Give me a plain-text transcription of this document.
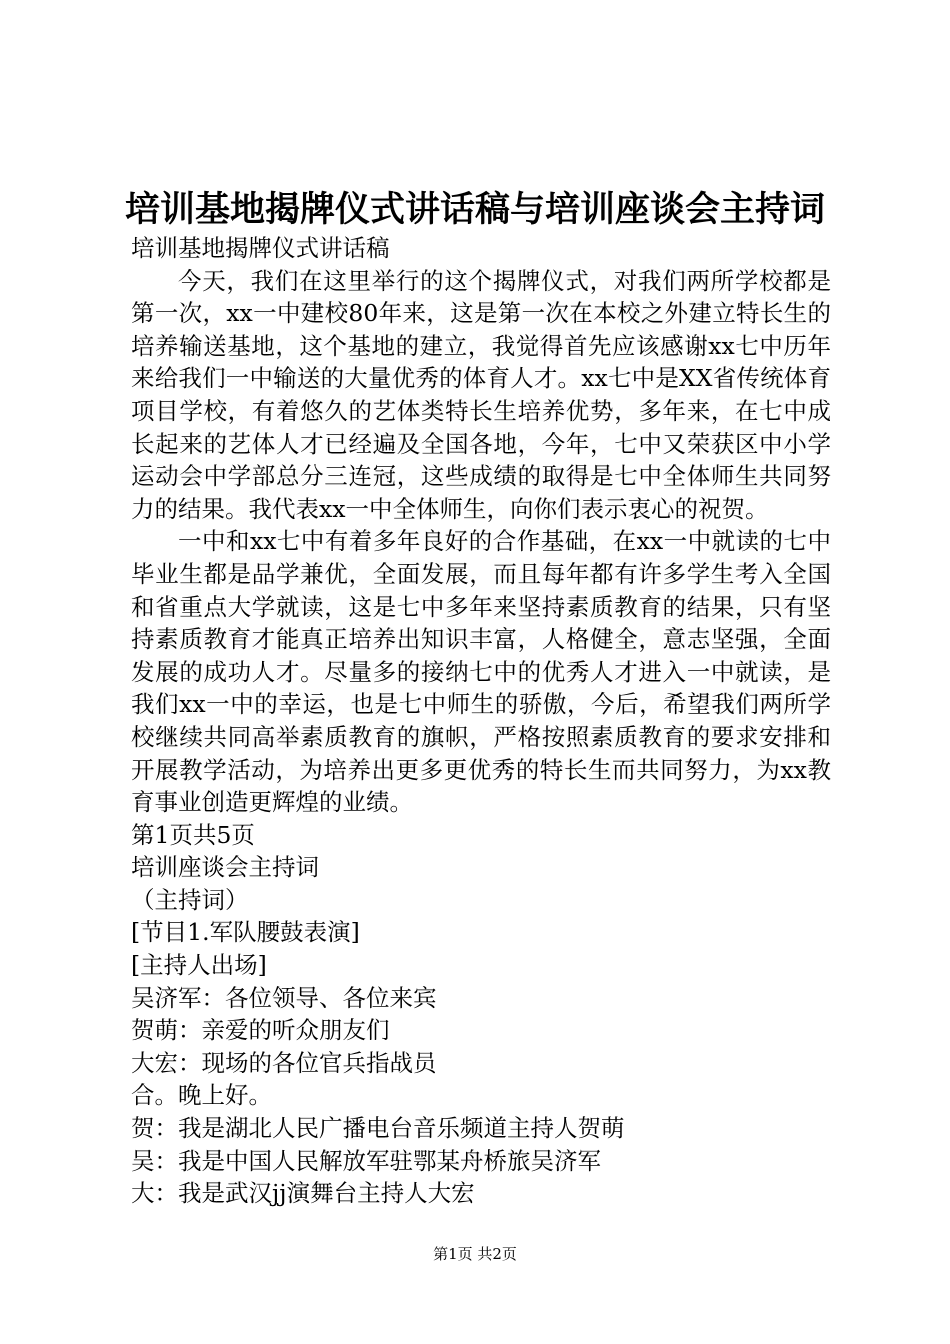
培训基地揭牌仪式讲话稿与培训座谈会主持词

培训基地揭牌仪式讲话稿

今天，我们在这里举行的这个揭牌仪式，对我们两所学校都是第一次，xx一中建校80年来，这是第一次在本校之外建立特长生的培养输送基地，这个基地的建立，我觉得首先应该感谢xx七中历年来给我们一中输送的大量优秀的体育人才。xx七中是XX省传统体育项目学校，有着悠久的艺体类特长生培养优势，多年来，在七中成长起来的艺体人才已经遍及全国各地，今年，七中又荣获区中小学运动会中学部总分三连冠，这些成绩的取得是七中全体师生共同努力的结果。我代表xx一中全体师生，向你们表示衷心的祝贺。

一中和xx七中有着多年良好的合作基础，在xx一中就读的七中毕业生都是品学兼优，全面发展，而且每年都有许多学生考入全国和省重点大学就读，这是七中多年来坚持素质教育的结果，只有坚持素质教育才能真正培养出知识丰富，人格健全，意志坚强，全面发展的成功人才。尽量多的接纳七中的优秀人才进入一中就读，是我们xx一中的幸运，也是七中师生的骄傲，今后，希望我们两所学校继续共同高举素质教育的旗帜，严格按照素质教育的要求安排和开展教学活动，为培养出更多更优秀的特长生而共同努力，为xx教育事业创造更辉煌的业绩。

第1页共5页

培训座谈会主持词

（主持词）

[节目1.军队腰鼓表演]

[主持人出场]

吴济军：各位领导、各位来宾

贺萌：亲爱的听众朋友们

大宏：现场的各位官兵指战员

合。晚上好。

贺：我是湖北人民广播电台音乐频道主持人贺萌

吴：我是中国人民解放军驻鄂某舟桥旅吴济军

大：我是武汉jj演舞台主持人大宏

第1页 共2页
